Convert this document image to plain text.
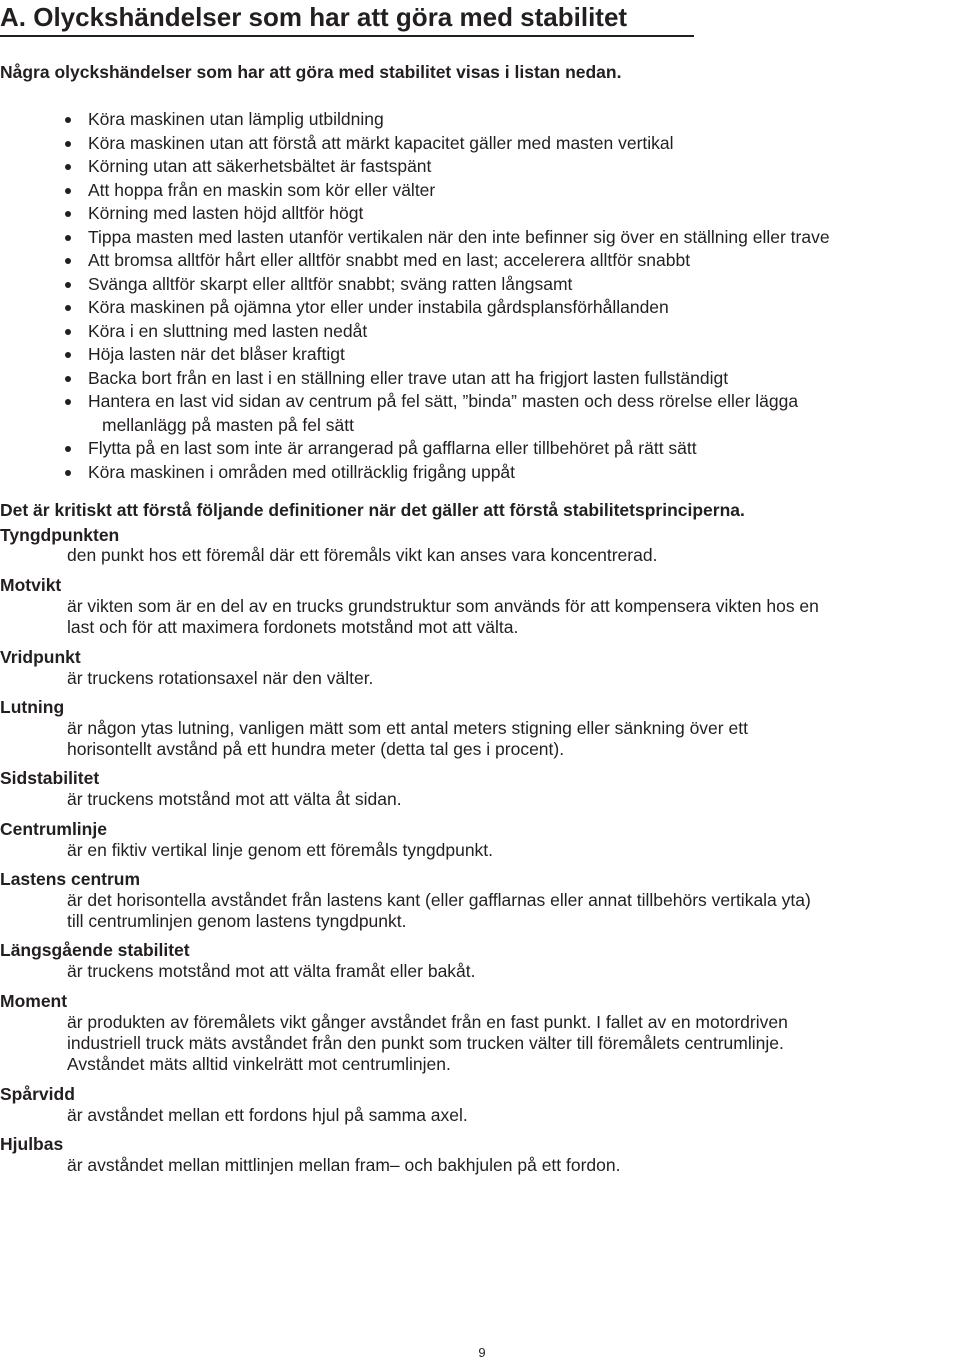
A. Olyckshändelser som har att göra med stabilitet
Några olyckshändelser som har att göra med stabilitet visas i listan nedan.
Köra maskinen utan lämplig utbildning
Köra maskinen utan att förstå att märkt kapacitet gäller med masten vertikal
Körning utan att säkerhetsbältet är fastspänt
Att hoppa från en maskin som kör eller välter
Körning med lasten höjd alltför högt
Tippa masten med lasten utanför vertikalen när den inte befinner sig över en ställning eller trave
Att bromsa alltför hårt eller alltför snabbt med en last; accelerera alltför snabbt
Svänga alltför skarpt eller alltför snabbt; sväng ratten långsamt
Köra maskinen på ojämna ytor eller under instabila gårdsplansförhållanden
Köra i en sluttning med lasten nedåt
Höja lasten när det blåser kraftigt
Backa bort från en last i en ställning eller trave utan att ha frigjort lasten fullständigt
Hantera en last vid sidan av centrum på fel sätt, ”binda” masten och dess rörelse eller lägga
mellanlägg på masten på fel sätt
Flytta på en last som inte är arrangerad på gafflarna eller tillbehöret på rätt sätt
Köra maskinen i områden med otillräcklig frigång uppåt
Det är kritiskt att förstå följande definitioner när det gäller att förstå stabilitetsprinciperna.
Tyngdpunkten
den punkt hos ett föremål där ett föremåls vikt kan anses vara koncentrerad.
Motvikt
är vikten som är en del av en trucks grundstruktur som används för att kompensera vikten hos en
last och för att maximera fordonets motstånd mot att välta.
Vridpunkt
är truckens rotationsaxel när den välter.
Lutning
är någon ytas lutning, vanligen mätt som ett antal meters stigning eller sänkning över ett
horisontellt avstånd på ett hundra meter (detta tal ges i procent).
Sidstabilitet
är truckens motstånd mot att välta åt sidan.
Centrumlinje
är en fiktiv vertikal linje genom ett föremåls tyngdpunkt.
Lastens centrum
är det horisontella avståndet från lastens kant (eller gafflarnas eller annat tillbehörs vertikala yta)
till centrumlinjen genom lastens tyngdpunkt.
Längsgående stabilitet
är truckens motstånd mot att välta framåt eller bakåt.
Moment
är produkten av föremålets vikt gånger avståndet från en fast punkt. I fallet av en motordriven
industriell truck mäts avståndet från den punkt som trucken välter till föremålets centrumlinje.
Avståndet mäts alltid vinkelrätt mot centrumlinjen.
Spårvidd
är avståndet mellan ett fordons hjul på samma axel.
Hjulbas
är avståndet mellan mittlinjen mellan fram– och bakhjulen på ett fordon.
9
